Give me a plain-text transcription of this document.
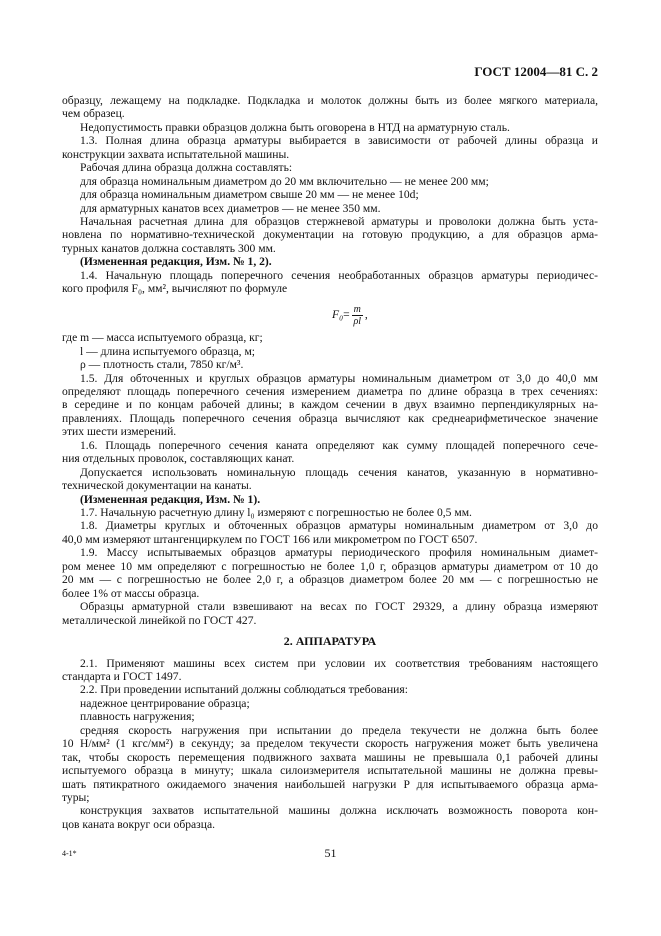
ГОСТ 12004—81 С. 2
образцу, лежащему на подкладке. Подкладка и молоток должны быть из более мягкого материала,
чем образец.
Недопустимость правки образцов должна быть оговорена в НТД на арматурную сталь.
1.3. Полная длина образца арматуры выбирается в зависимости от рабочей длины образца и
конструкции захвата испытательной машины.
Рабочая длина образца должна составлять:
для образца номинальным диаметром до 20 мм включительно — не менее 200 мм;
для образца номинальным диаметром свыше 20 мм — не менее 10d;
для арматурных канатов всех диаметров — не менее 350 мм.
Начальная расчетная длина для образцов стержневой арматуры и проволоки должна быть уста-
новлена по нормативно-технической документации на готовую продукцию, а для образцов арма-
турных канатов должна составлять 300 мм.
(Измененная редакция, Изм. № 1, 2).
1.4. Начальную площадь поперечного сечения необработанных образцов арматуры периодичес-
кого профиля F₀, мм², вычисляют по формуле
$F_0 = \frac{m}{\rho l}$ ,
где m — масса испытуемого образца, кг;
l — длина испытуемого образца, м;
ρ — плотность стали, 7850 кг/м³.
1.5. Для обточенных и круглых образцов арматуры номинальным диаметром от 3,0 до 40,0 мм
определяют площадь поперечного сечения измерением диаметра по длине образца в трех сечениях:
в середине и по концам рабочей длины; в каждом сечении в двух взаимно перпендикулярных на-
правлениях. Площадь поперечного сечения образца вычисляют как среднеарифметическое значение
этих шести измерений.
1.6. Площадь поперечного сечения каната определяют как сумму площадей поперечного сече-
ния отдельных проволок, составляющих канат.
Допускается использовать номинальную площадь сечения канатов, указанную в нормативно-
технической документации на канаты.
(Измененная редакция, Изм. № 1).
1.7. Начальную расчетную длину l₀ измеряют с погрешностью не более 0,5 мм.
1.8. Диаметры круглых и обточенных образцов арматуры номинальным диаметром от 3,0 до
40,0 мм измеряют штангенциркулем по ГОСТ 166 или микрометром по ГОСТ 6507.
1.9. Массу испытываемых образцов арматуры периодического профиля номинальным диамет-
ром менее 10 мм определяют с погрешностью не более 1,0 г, образцов арматуры диаметром от 10 до
20 мм — с погрешностью не более 2,0 г, а образцов диаметром более 20 мм — с погрешностью не
более 1% от массы образца.
Образцы арматурной стали взвешивают на весах по ГОСТ 29329, а длину образца измеряют
металлической линейкой по ГОСТ 427.
2. АППАРАТУРА
2.1. Применяют машины всех систем при условии их соответствия требованиям настоящего
стандарта и ГОСТ 1497.
2.2. При проведении испытаний должны соблюдаться требования:
надежное центрирование образца;
плавность нагружения;
средняя скорость нагружения при испытании до предела текучести не должна быть более
10 Н/мм² (1 кгс/мм²) в секунду; за пределом текучести скорость нагружения может быть увеличена
так, чтобы скорость перемещения подвижного захвата машины не превышала 0,1 рабочей длины
испытуемого образца в минуту; шкала силоизмерителя испытательной машины не должна превы-
шать пятикратного ожидаемого значения наибольшей нагрузки P для испытываемого образца арма-
туры;
конструкция захватов испытательной машины должна исключать возможность поворота кон-
цов каната вокруг оси образца.
51
4-1*
